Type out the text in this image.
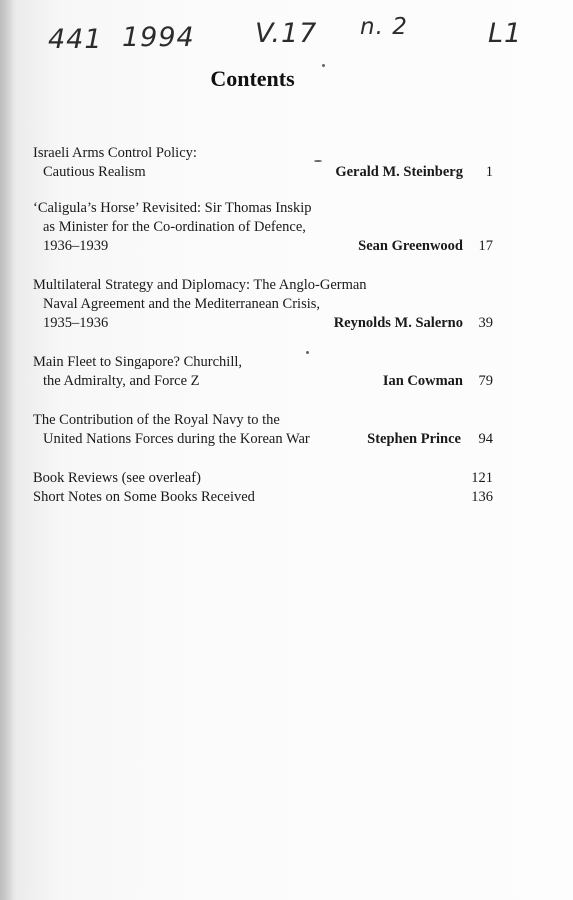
441 1994 V.17 n. 2	L1
Contents
Israeli Arms Control Policy:
Cautious Realism	Gerald M. Steinberg	1
‘Caligula’s Horse’ Revisited: Sir Thomas Inskip
as Minister for the Co-ordination of Defence,
1936–1939	Sean Greenwood	17
Multilateral Strategy and Diplomacy: The Anglo-German
Naval Agreement and the Mediterranean Crisis,
1935–1936	Reynolds M. Salerno	39
Main Fleet to Singapore? Churchill,
the Admiralty, and Force Z	Ian Cowman	79
The Contribution of the Royal Navy to the
United Nations Forces during the Korean War	Stephen Prince	94
Book Reviews (see overleaf)	121
Short Notes on Some Books Received	136
